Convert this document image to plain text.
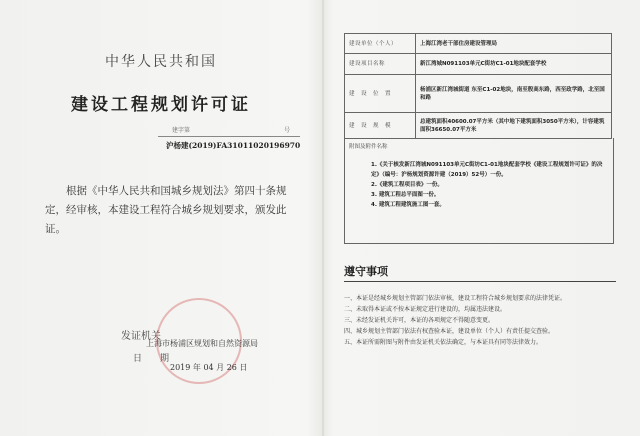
中华人民共和国
建设工程规划许可证
建字第	号
沪杨建(2019)FA31011020196970
根据《中华人民共和国城乡规划法》第四十条规定，经审核，本建设工程符合城乡规划要求，颁发此证。
发证机关
上海市杨浦区规划和自然资源局
日　　期
2019 年 04 月 26 日
建设单位（个人）	上海江湾老干部住房建设管理局
建设项目名称	新江湾城N091103单元C街坊C1-01地块配套学校
建　设　位　置	杨浦区新江湾城街道 东至C1-02地块，南至殷高东路，西至政学路，北至国和路
建　设　规　模	总建筑面积40600.07平方米（其中地下建筑面积3050平方米），计容建筑面积36650.07平方米
附图及附件名称
1.《关于核发新江湾城N091103单元C街坊C1-01地块配套学校《建设工程规划许可证》的决定》（编号：沪杨规划资源许建（2019）52号）一份。
2.《建筑工程项目表》一份。
3. 建筑工程总平面图一份。
4. 建筑工程建筑施工图一套。
遵守事项
一、本证是经城乡规划主管部门依法审核，建设工程符合城乡规划要求的法律凭证。
二、未取得本证或不按本证规定进行建设的，均属违法建设。
三、未经发证机关许可，本证的各项规定不得随意变更。
四、城乡规划主管部门依法有权查验本证，建设单位（个人）有责任提交查验。
五、本证所需附图与附件由发证机关依法确定，与本证具有同等法律效力。
